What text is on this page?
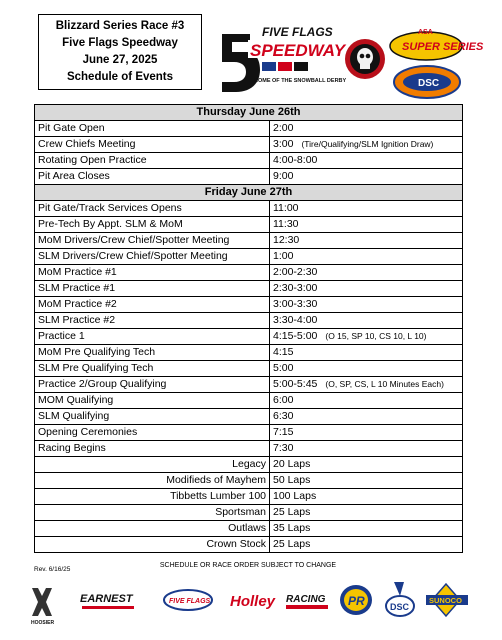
Blizzard Series Race #3
Five Flags Speedway
June 27, 2025
Schedule of Events
FIVE FLAGS
SPEEDWAY
HOME OF THE SNOWBALL DERBY
ASA
SUPER SERIES
DSC
Thursday June 26th	
Pit Gate Open	2:00
Crew Chiefs Meeting	3:00 (Tire/Qualifying/SLM Ignition Draw)
Rotating Open Practice	4:00-8:00
Pit Area Closes	9:00
Friday June 27th	
Pit Gate/Track Services Opens	11:00
Pre-Tech By Appt. SLM & MoM	11:30
MoM Drivers/Crew Chief/Spotter Meeting	12:30
SLM Drivers/Crew Chief/Spotter Meeting	1:00
MoM Practice #1	2:00-2:30
SLM Practice #1	2:30-3:00
MoM Practice #2	3:00-3:30
SLM Practice #2	3:30-4:00
Practice 1	4:15-5:00 (O 15, SP 10, CS 10, L 10)
MoM Pre Qualifying Tech	4:15
SLM Pre Qualifying Tech	5:00
Practice 2/Group Qualifying	5:00-5:45 (O, SP, CS, L 10 Minutes Each)
MOM Qualifying	6:00
SLM Qualifying	6:30
Opening Ceremonies	7:15
Racing Begins	7:30
Legacy	20 Laps
Modifieds of Mayhem	50 Laps
Tibbetts Lumber 100	100 Laps
Sportsman	25 Laps
Outlaws	35 Laps
Crown Stock	25 Laps
SCHEDULE OR RACE ORDER SUBJECT TO CHANGE
Rev. 6/16/25
HOOSIER
EARNEST	FIVE FLAGS Holley RACING PR	DSC
SUNOCO
